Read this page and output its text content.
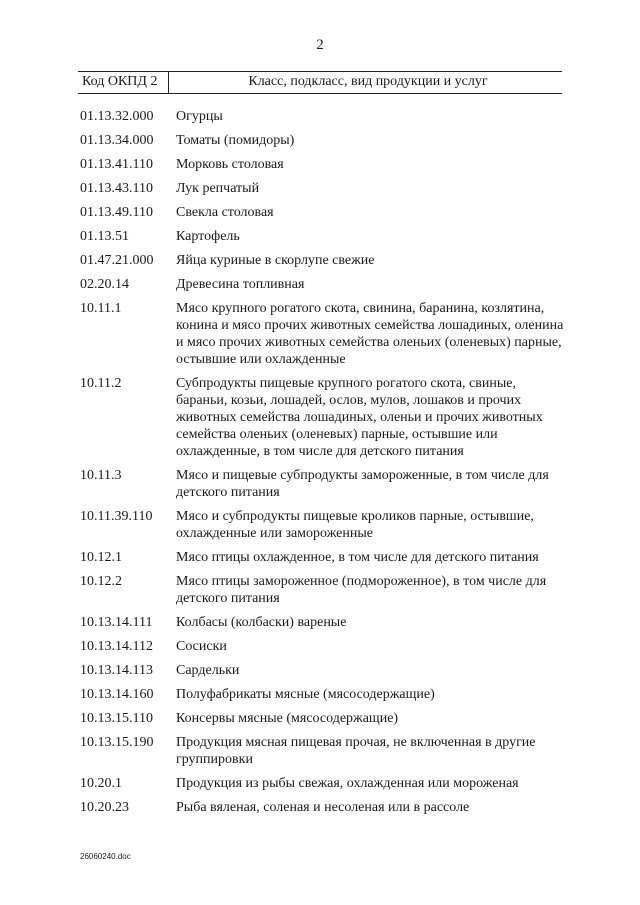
2
Код ОКПД 2	Класс, подкласс, вид продукции и услуг
01.13.32.000	Огурцы
01.13.34.000	Томаты (помидоры)
01.13.41.110	Морковь столовая
01.13.43.110	Лук репчатый
01.13.49.110	Свекла столовая
01.13.51	Картофель
01.47.21.000	Яйца куриные в скорлупе свежие
02.20.14	Древесина топливная
10.11.1	Мясо крупного рогатого скота, свинина, баранина, козлятина, конина и мясо прочих животных семейства лошадиных, оленина и мясо прочих животных семейства оленьих (оленевых) парные, остывшие или охлажденные
10.11.2	Субпродукты пищевые крупного рогатого скота, свиные, бараньи, козьи, лошадей, ослов, мулов, лошаков и прочих животных семейства лошадиных, оленьи и прочих животных семейства оленьих (оленевых) парные, остывшие или охлажденные, в том числе для детского питания
10.11.3	Мясо и пищевые субпродукты замороженные, в том числе для детского питания
10.11.39.110	Мясо и субпродукты пищевые кроликов парные, остывшие, охлажденные или замороженные
10.12.1	Мясо птицы охлажденное, в том числе для детского питания
10.12.2	Мясо птицы замороженное (подмороженное), в том числе для детского питания
10.13.14.111	Колбасы (колбаски) вареные
10.13.14.112	Сосиски
10.13.14.113	Сардельки
10.13.14.160	Полуфабрикаты мясные (мясосодержащие)
10.13.15.110	Консервы мясные (мясосодержащие)
10.13.15.190	Продукция мясная пищевая прочая, не включенная в другие группировки
10.20.1	Продукция из рыбы свежая, охлажденная или мороженая
10.20.23	Рыба вяленая, соленая и несоленая или в рассоле
26060240.doc
